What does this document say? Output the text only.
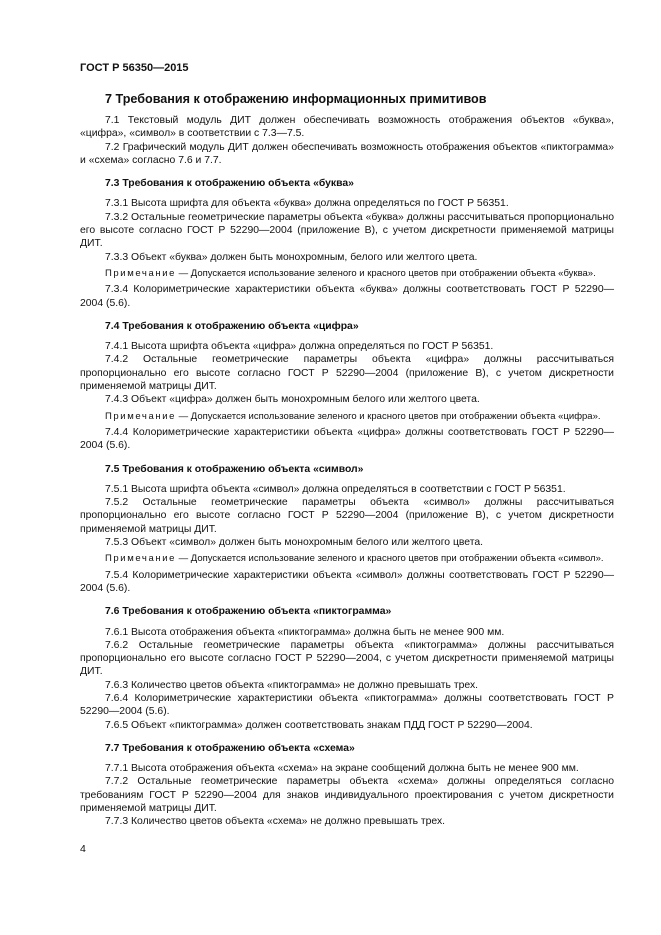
ГОСТ Р 56350—2015
7 Требования к отображению информационных примитивов

7.1 Текстовый модуль ДИТ должен обеспечивать возможность отображения объектов «буква», «цифра», «символ» в соответствии с 7.3—7.5.

7.2 Графический модуль ДИТ должен обеспечивать возможность отображения объектов «пиктограмма» и «схема» согласно 7.6 и 7.7.

7.3 Требования к отображению объекта «буква»

7.3.1 Высота шрифта для объекта «буква» должна определяться по ГОСТ Р 56351.

7.3.2 Остальные геометрические параметры объекта «буква» должны рассчитываться пропорционально его высоте согласно ГОСТ Р 52290—2004 (приложение В), с учетом дискретности применяемой матрицы ДИТ.

7.3.3 Объект «буква» должен быть монохромным, белого или желтого цвета.

Примечание — Допускается использование зеленого и красного цветов при отображении объекта «буква».

7.3.4 Колориметрические характеристики объекта «буква» должны соответствовать ГОСТ Р 52290—2004 (5.6).

7.4 Требования к отображению объекта «цифра»

7.4.1 Высота шрифта объекта «цифра» должна определяться по ГОСТ Р 56351.

7.4.2 Остальные геометрические параметры объекта «цифра» должны рассчитываться пропорционально его высоте согласно ГОСТ Р 52290—2004 (приложение В), с учетом дискретности применяемой матрицы ДИТ.

7.4.3 Объект «цифра» должен быть монохромным белого или желтого цвета.

Примечание — Допускается использование зеленого и красного цветов при отображении объекта «цифра».

7.4.4 Колориметрические характеристики объекта «цифра» должны соответствовать ГОСТ Р 52290—2004 (5.6).

7.5 Требования к отображению объекта «символ»

7.5.1 Высота шрифта объекта «символ» должна определяться в соответствии с ГОСТ Р 56351.

7.5.2 Остальные геометрические параметры объекта «символ» должны рассчитываться пропорционально его высоте согласно ГОСТ Р 52290—2004 (приложение В), с учетом дискретности применяемой матрицы ДИТ.

7.5.3 Объект «символ» должен быть монохромным белого или желтого цвета.

Примечание — Допускается использование зеленого и красного цветов при отображении объекта «символ».

7.5.4 Колориметрические характеристики объекта «символ» должны соответствовать ГОСТ Р 52290—2004 (5.6).

7.6 Требования к отображению объекта «пиктограмма»

7.6.1 Высота отображения объекта «пиктограмма» должна быть не менее 900 мм.

7.6.2 Остальные геометрические параметры объекта «пиктограмма» должны рассчитываться пропорционально его высоте согласно ГОСТ Р 52290—2004, с учетом дискретности применяемой матрицы ДИТ.

7.6.3 Количество цветов объекта «пиктограмма» не должно превышать трех.

7.6.4 Колориметрические характеристики объекта «пиктограмма» должны соответствовать ГОСТ Р 52290—2004 (5.6).

7.6.5 Объект «пиктограмма» должен соответствовать знакам ПДД ГОСТ Р 52290—2004.

7.7 Требования к отображению объекта «схема»

7.7.1 Высота отображения объекта «схема» на экране сообщений должна быть не менее 900 мм.

7.7.2 Остальные геометрические параметры объекта «схема» должны определяться согласно требованиям ГОСТ Р 52290—2004 для знаков индивидуального проектирования с учетом дискретности применяемой матрицы ДИТ.

7.7.3 Количество цветов объекта «схема» не должно превышать трех.

4
